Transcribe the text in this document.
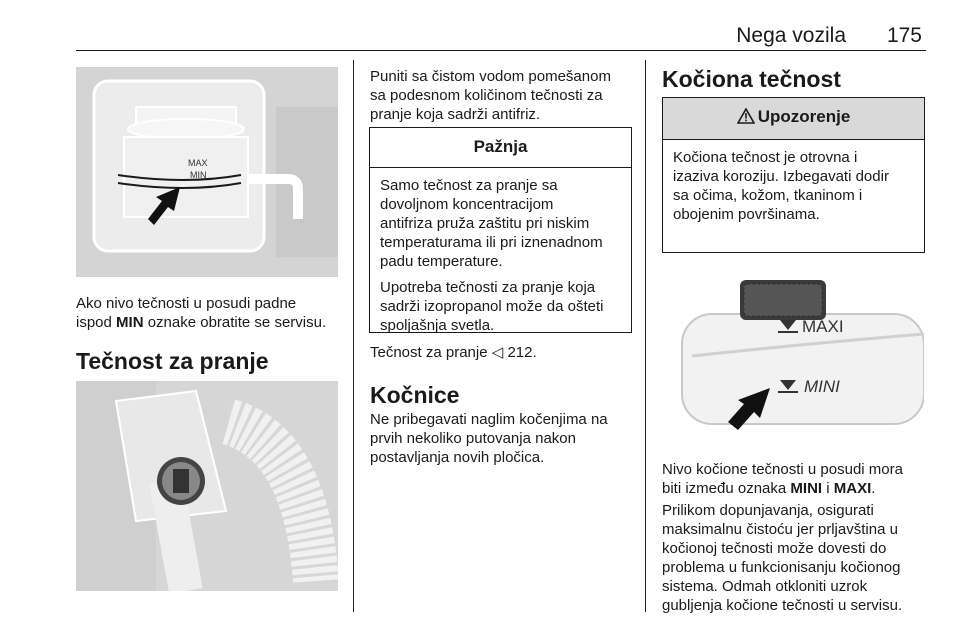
Nega vozila 175
MAX
MIN

Ako nivo tečnosti u posudi padne
ispod MIN oznake obratite se servisu.

Tečnost za pranje

Puniti sa čistom vodom pomešanom
sa podesnom količinom tečnosti za
pranje koja sadrži antifriz.

Pažnja

Samo tečnost za pranje sa
dovoljnom koncentracijom
antifriza pruža zaštitu pri niskim
temperaturama ili pri iznenadnom
padu temperature.

Upotreba tečnosti za pranje koja
sadrži izopropanol može da ošteti
spoljašnja svetla.

Tečnost za pranje ◁ 212.

Kočnice

Ne pribegavati naglim kočenjima na
prvih nekoliko putovanja nakon
postavljanja novih pločica.

Kočiona tečnost
Upozorenje
Kočiona tečnost je otrovna i
izaziva koroziju. Izbegavati dodir
sa očima, kožom, tkaninom i
obojenim površinama.
MAXI
MINI

Nivo kočione tečnosti u posudi mora
biti između oznaka MINI i MAXI.

Prilikom dopunjavanja, osigurati
maksimalnu čistoću jer prljavština u
kočionoj tečnosti može dovesti do
problema u funkcionisanju kočionog
sistema. Odmah otkloniti uzrok
gubljenja kočione tečnosti u servisu.
